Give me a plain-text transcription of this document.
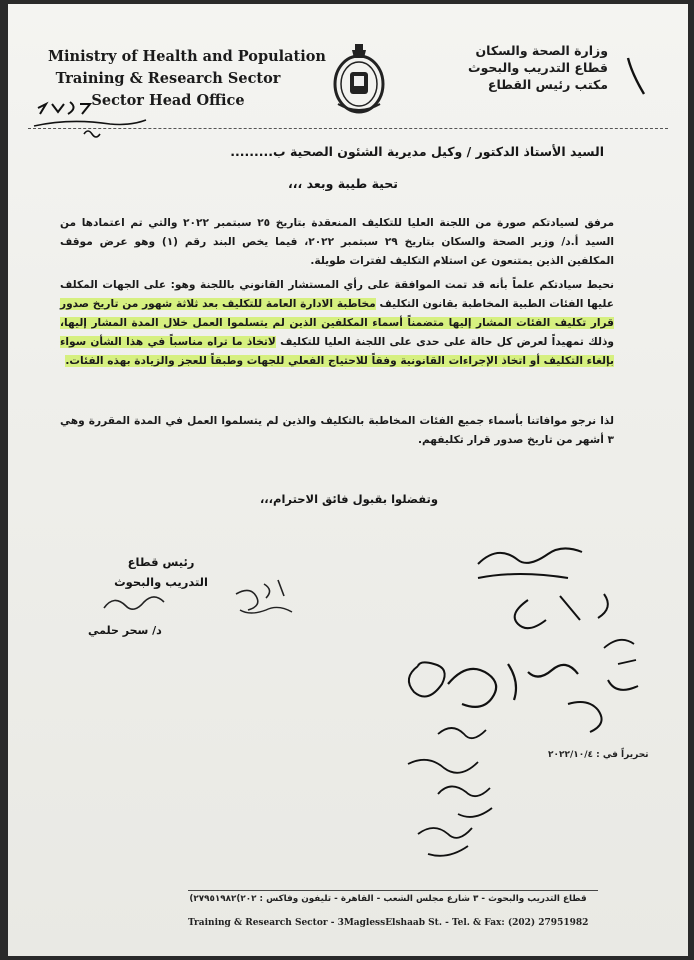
Ministry of Health and Population
Training & Research Sector
Sector Head Office
وزارة الصحة والسكان
قطاع التدريب والبحوث
مكتب رئيس القطاع
السيد الأستاذ الدكتور / وكيل مديرية الشئون الصحية ب.........
تحية طيبة وبعد ،،،
مرفق لسيادتكم صورة من اللجنة العليا للتكليف المنعقدة بتاريخ ٢٥ سبتمبر ٢٠٢٢ والتي تم اعتمادها من السيد أ.د/ وزير الصحة والسكان بتاريخ ٢٩ سبتمبر ٢٠٢٢، فيما يخص البند رقم (١) وهو عرض موقف المكلفين الذين يمتنعون عن استلام التكليف لفترات طويلة.
نحيط سيادتكم علماً بأنه قد تمت الموافقة على رأي المستشار القانوني باللجنة وهو: على الجهات المكلف عليها الفئات الطبية المخاطبة بقانون التكليف مخاطبة الادارة العامة للتكليف بعد ثلاثة شهور من تاريخ صدور قرار تكليف الفئات المشار إليها متضمناً أسماء المكلفين الذين لم يتسلموا العمل خلال المدة المشار إليها، وذلك تمهيداً لعرض كل حالة على حدى على اللجنة العليا للتكليف لاتخاذ ما تراه مناسباً في هذا الشأن سواء بإلغاء التكليف أو اتخاذ الإجراءات القانونية وفقاً للاحتياج الفعلي للجهات وطبقاً للعجز والزيادة بهذه الفئات.
لذا نرجو موافاتنا بأسماء جميع الفئات المخاطبة بالتكليف والذين لم يتسلموا العمل في المدة المقررة وهي ٣ أشهر من تاريخ صدور قرار تكليفهم.
وتفضلوا بقبول فائق الاحترام،،،
رئيس قطاع
التدريب والبحوث
د/ سحر حلمي
تحريراً في : ٢٠٢٢/١٠/٤
قطاع التدريب والبحوث - ٣ شارع مجلس الشعب - القاهرة - تليفون وفاكس : ٢٠٢)٢٧٩٥١٩٨٢)
Training & Research Sector - 3MaglessElshaab St. - Tel. & Fax: (202) 27951982
